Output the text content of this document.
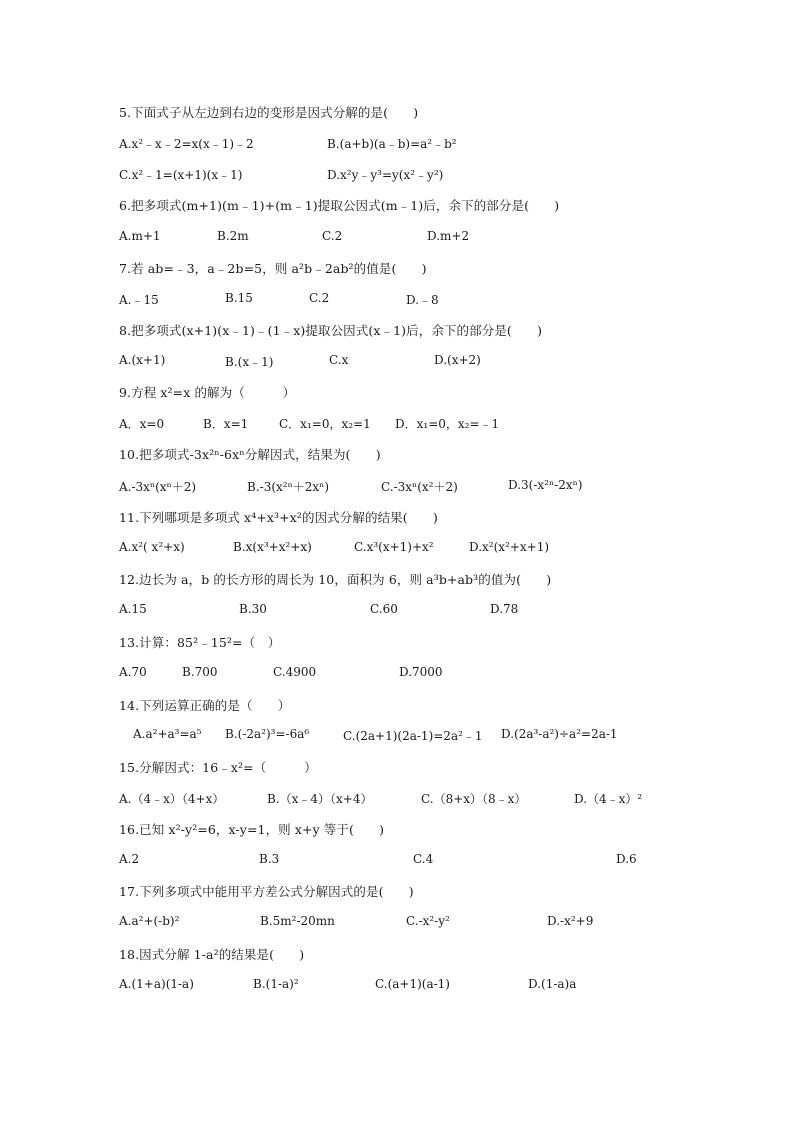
5.下面式子从左边到右边的变形是因式分解的是(　　)
A.x²﹣x﹣2=x(x﹣1)﹣2	B.(a+b)(a﹣b)=a²﹣b²
C.x²﹣1=(x+1)(x﹣1)	D.x²y﹣y³=y(x²﹣y²)
6.把多项式(m+1)(m﹣1)+(m﹣1)提取公因式(m﹣1)后，余下的部分是(　　)
A.m+1	B.2m	C.2	D.m+2
7.若 ab=﹣3，a﹣2b=5，则 a²b﹣2ab²的值是(　　)
A.﹣15	B.15	C.2	D.﹣8
8.把多项式(x+1)(x﹣1)﹣(1﹣x)提取公因式(x﹣1)后，余下的部分是(　　)
A.(x+1)	B.(x﹣1)	C.x	D.(x+2)
9.方程 x²=x 的解为（　　　）
A．x=0	B．x=1	C．x₁=0，x₂=1 D．x₁=0，x₂=﹣1
10.把多项式-3x²ⁿ-6xⁿ分解因式，结果为(　　)
A.-3xⁿ(xⁿ＋2)	B.-3(x²ⁿ＋2xⁿ)	C.-3xⁿ(x²＋2)	D.3(-x²ⁿ-2xⁿ)
11.下列哪项是多项式 x⁴+x³+x²的因式分解的结果(　　)
A.x²( x²+x)	B.x(x³+x²+x)	C.x³(x+1)+x²	D.x²(x²+x+1)
12.边长为 a，b 的长方形的周长为 10，面积为 6，则 a³b+ab³的值为(　　)
A.15	B.30	C.60	D.78
13.计算：85²﹣15²=（　）
A.70	B.700	C.4900	D.7000
14.下列运算正确的是（　　）
A.a²+a³=a⁵ B.(-2a²)³=-6a⁶	C.(2a+1)(2a-1)=2a²﹣1 D.(2a³-a²)÷a²=2a-1
15.分解因式：16﹣x²=（　　　）
A.（4﹣x）（4+x）	B.（x﹣4）（x+4）	C.（8+x）（8﹣x）	D.（4﹣x）²
16.已知 x²-y²=6，x-y=1，则 x+y 等于(　　)
A.2	B.3	C.4	D.6
17.下列多项式中能用平方差公式分解因式的是(　　)
A.a²+(-b)²	B.5m²-20mn	C.-x²-y²	D.-x²+9
18.因式分解 1-a²的结果是(　　)
A.(1+a)(1-a)	B.(1-a)²	C.(a+1)(a-1)	D.(1-a)a
